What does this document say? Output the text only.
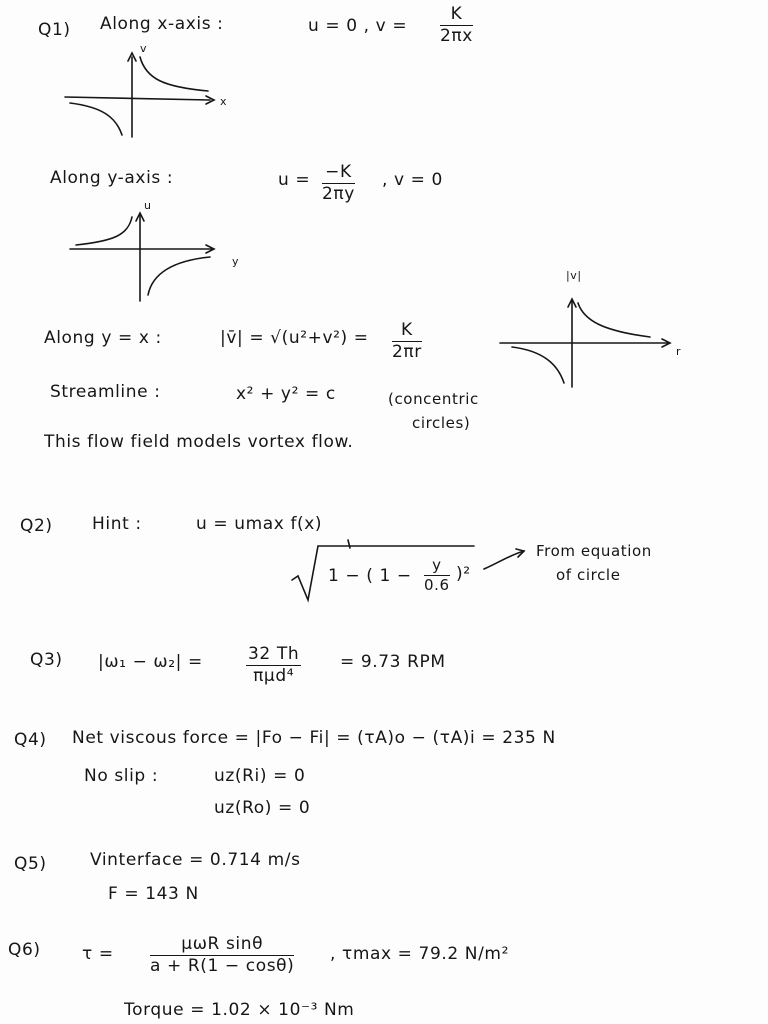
Q1) Along x-axis :	u = 0 , $v = \frac{K}{2\pi x}$
v
x
Along y-axis :	$u = \frac{-K}{2\pi y}$ , v = 0
u
y
|v|
r
Along y = x :	|v̄| = $√(u^2+v^2) = \frac{K}{2\pi r}$
Streamline :	x² + y² = c	(concentric
circles)
This flow field models vortex flow.
Q2) Hint :	u = umax f(x)
1 − ( $1 - \frac{y}{0.6} )^2$
From equation
of circle
Q3) |ω₁ − ω₂| =	32 Th
πμd⁴
= 9.73 RPM
Q4) Net viscous force = |Fo − Fi| = (τA)o − (τA)i = 235 N
No slip :	uz(Ri) = 0
uz(Ro) = 0
Q5)	Vinterface = 0.714 m/s
F = 143 N
Q6) τ =	μωR sinθ
a + R(1 − cosθ)
, τmax = 79.2 N/m²
Torque = 1.02 × 10⁻³ Nm
